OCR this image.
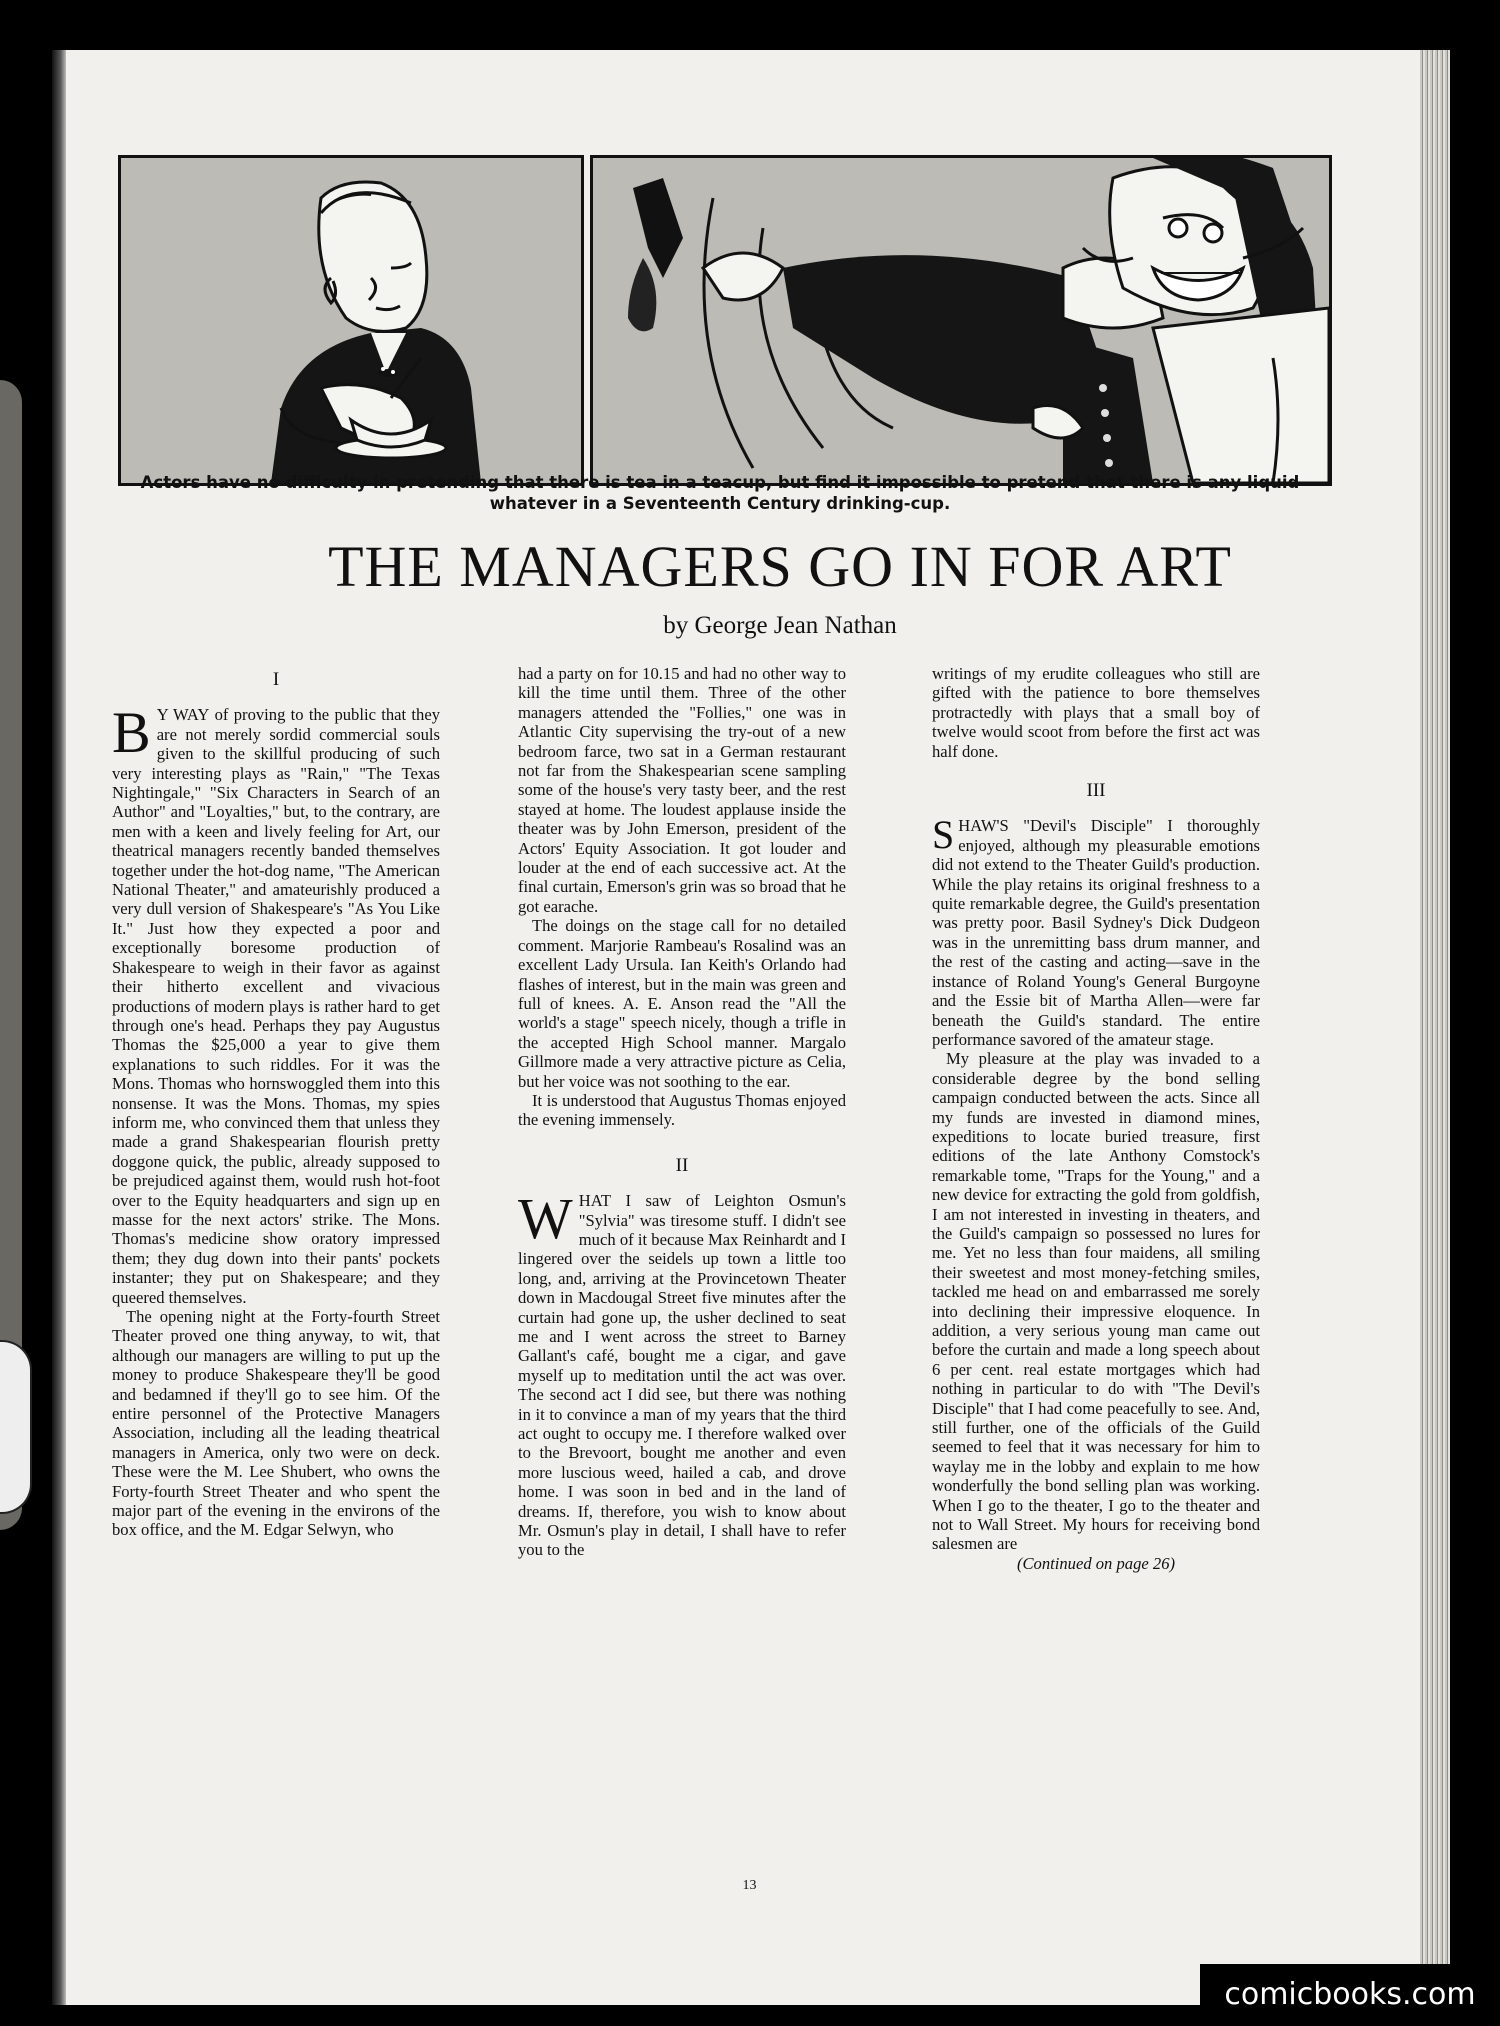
Actors have no difficulty in pretending that there is tea in a teacup, but find it impossible to pretend that there is any liquid whatever in a Seventeenth Century drinking-cup.
THE MANAGERS GO IN FOR ART
by George Jean Nathan
I

B Y WAY of proving to the public that they are not merely sordid commercial souls given to the skillful producing of such very interesting plays as "Rain," "The Texas Nightingale," "Six Characters in Search of an Author" and "Loyalties," but, to the contrary, are men with a keen and lively feeling for Art, our theatrical managers recently banded themselves together under the hot-dog name, "The American National Theater," and amateurishly produced a very dull version of Shakespeare's "As You Like It." Just how they expected a poor and exceptionally boresome production of Shakespeare to weigh in their favor as against their hitherto excellent and vivacious productions of modern plays is rather hard to get through one's head. Perhaps they pay Augustus Thomas the $25,000 a year to give them explanations to such riddles. For it was the Mons. Thomas who hornswoggled them into this nonsense. It was the Mons. Thomas, my spies inform me, who convinced them that unless they made a grand Shakespearian flourish pretty doggone quick, the public, already supposed to be prejudiced against them, would rush hot-foot over to the Equity headquarters and sign up en masse for the next actors' strike. The Mons. Thomas's medicine show oratory impressed them; they dug down into their pants' pockets instanter; they put on Shakespeare; and they queered themselves.

The opening night at the Forty-fourth Street Theater proved one thing anyway, to wit, that although our managers are willing to put up the money to produce Shakespeare they'll be good and bedamned if they'll go to see him. Of the entire personnel of the Protective Managers Association, including all the leading theatrical managers in America, only two were on deck. These were the M. Lee Shubert, who owns the Forty-fourth Street Theater and who spent the major part of the evening in the environs of the box office, and the M. Edgar Selwyn, who

had a party on for 10.15 and had no other way to kill the time until them. Three of the other managers attended the "Follies," one was in Atlantic City supervising the try-out of a new bedroom farce, two sat in a German restaurant not far from the Shakespearian scene sampling some of the house's very tasty beer, and the rest stayed at home. The loudest applause inside the theater was by John Emerson, president of the Actors' Equity Association. It got louder and louder at the end of each successive act. At the final curtain, Emerson's grin was so broad that he got earache.

The doings on the stage call for no detailed comment. Marjorie Rambeau's Rosalind was an excellent Lady Ursula. Ian Keith's Orlando had flashes of interest, but in the main was green and full of knees. A. E. Anson read the "All the world's a stage" speech nicely, though a trifle in the accepted High School manner. Margalo Gillmore made a very attractive picture as Celia, but her voice was not soothing to the ear.

It is understood that Augustus Thomas enjoyed the evening immensely.

II

WHAT I saw of Leighton Osmun's "Sylvia" was tiresome stuff. I didn't see much of it because Max Reinhardt and I lingered over the seidels up town a little too long, and, arriving at the Provincetown Theater down in Macdougal Street five minutes after the curtain had gone up, the usher declined to seat me and I went across the street to Barney Gallant's café, bought me a cigar, and gave myself up to meditation until the act was over. The second act I did see, but there was nothing in it to convince a man of my years that the third act ought to occupy me. I therefore walked over to the Brevoort, bought me another and even more luscious weed, hailed a cab, and drove home. I was soon in bed and in the land of dreams. If, therefore, you wish to know about Mr. Osmun's play in detail, I shall have to refer you to the

writings of my erudite colleagues who still are gifted with the patience to bore themselves protractedly with plays that a small boy of twelve would scoot from before the first act was half done.

III

SHAW'S "Devil's Disciple" I thoroughly enjoyed, although my pleasurable emotions did not extend to the Theater Guild's production. While the play retains its original freshness to a quite remarkable degree, the Guild's presentation was pretty poor. Basil Sydney's Dick Dudgeon was in the unremitting bass drum manner, and the rest of the casting and acting—save in the instance of Roland Young's General Burgoyne and the Essie bit of Martha Allen—were far beneath the Guild's standard. The entire performance savored of the amateur stage.

My pleasure at the play was invaded to a considerable degree by the bond selling campaign conducted between the acts. Since all my funds are invested in diamond mines, expeditions to locate buried treasure, first editions of the late Anthony Comstock's remarkable tome, "Traps for the Young," and a new device for extracting the gold from goldfish, I am not interested in investing in theaters, and the Guild's campaign so possessed no lures for me. Yet no less than four maidens, all smiling their sweetest and most money-fetching smiles, tackled me head on and embarrassed me sorely into declining their impressive eloquence. In addition, a very serious young man came out before the curtain and made a long speech about 6 per cent. real estate mortgages which had nothing in particular to do with "The Devil's Disciple" that I had come peacefully to see. And, still further, one of the officials of the Guild seemed to feel that it was necessary for him to waylay me in the lobby and explain to me how wonderfully the bond selling plan was working. When I go to the theater, I go to the theater and not to Wall Street. My hours for receiving bond salesmen are

(Continued on page 26)

13
comicbooks.com
